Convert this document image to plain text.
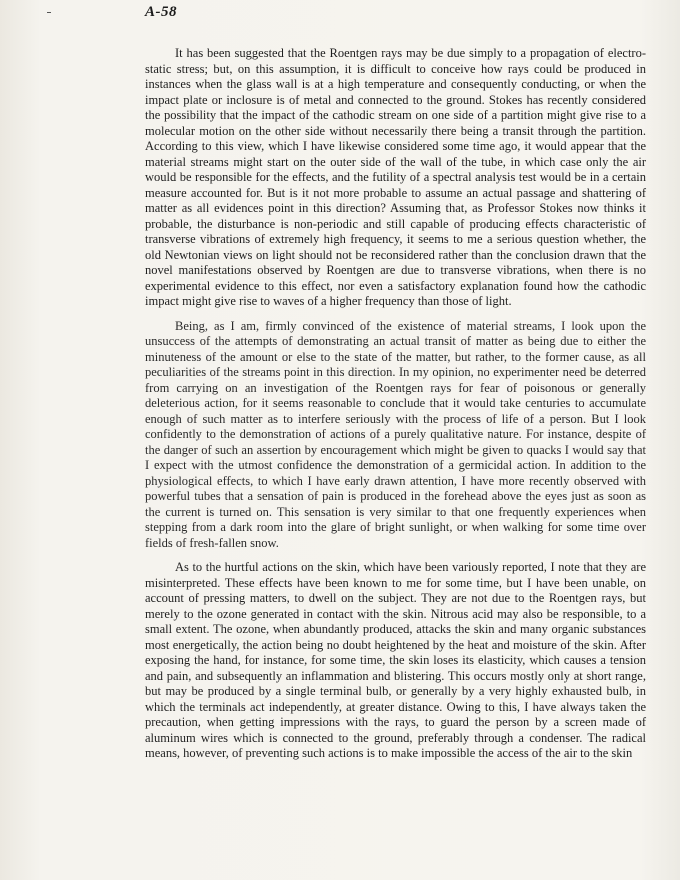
A-58

It has been suggested that the Roentgen rays may be due simply to a propagation of electro-static stress; but, on this assumption, it is difficult to conceive how rays could be produced in instances when the glass wall is at a high temperature and consequently conducting, or when the impact plate or inclosure is of metal and connected to the ground. Stokes has recently considered the possibility that the impact of the cathodic stream on one side of a partition might give rise to a molecular motion on the other side without necessarily there being a transit through the partition. According to this view, which I have likewise considered some time ago, it would appear that the material streams might start on the outer side of the wall of the tube, in which case only the air would be responsible for the effects, and the futility of a spectral analysis test would be in a certain measure accounted for. But is it not more probable to assume an actual passage and shattering of matter as all evidences point in this direction? Assuming that, as Professor Stokes now thinks it probable, the disturbance is non-periodic and still capable of producing effects characteristic of transverse vibrations of extremely high frequency, it seems to me a serious question whether, the old Newtonian views on light should not be reconsidered rather than the conclusion drawn that the novel manifestations observed by Roentgen are due to transverse vibrations, when there is no experimental evidence to this effect, nor even a satisfactory explanation found how the cathodic impact might give rise to waves of a higher frequency than those of light.

Being, as I am, firmly convinced of the existence of material streams, I look upon the unsuccess of the attempts of demonstrating an actual transit of matter as being due to either the minuteness of the amount or else to the state of the matter, but rather, to the former cause, as all peculiarities of the streams point in this direction. In my opinion, no experimenter need be deterred from carrying on an investigation of the Roentgen rays for fear of poisonous or generally deleterious action, for it seems reasonable to conclude that it would take centuries to accumulate enough of such matter as to interfere seriously with the process of life of a person. But I look confidently to the demonstration of actions of a purely qualitative nature. For instance, despite of the danger of such an assertion by encouragement which might be given to quacks I would say that I expect with the utmost confidence the demonstration of a germicidal action. In addition to the physiological effects, to which I have early drawn attention, I have more recently observed with powerful tubes that a sensation of pain is produced in the forehead above the eyes just as soon as the current is turned on. This sensation is very similar to that one frequently experiences when stepping from a dark room into the glare of bright sunlight, or when walking for some time over fields of fresh-fallen snow.

As to the hurtful actions on the skin, which have been variously reported, I note that they are misinterpreted. These effects have been known to me for some time, but I have been unable, on account of pressing matters, to dwell on the subject. They are not due to the Roentgen rays, but merely to the ozone generated in contact with the skin. Nitrous acid may also be responsible, to a small extent. The ozone, when abundantly produced, attacks the skin and many organic substances most energetically, the action being no doubt heightened by the heat and moisture of the skin. After exposing the hand, for instance, for some time, the skin loses its elasticity, which causes a tension and pain, and subsequently an inflammation and blistering. This occurs mostly only at short range, but may be produced by a single terminal bulb, or generally by a very highly exhausted bulb, in which the terminals act independently, at greater distance. Owing to this, I have always taken the precaution, when getting impressions with the rays, to guard the person by a screen made of aluminum wires which is connected to the ground, preferably through a condenser. The radical means, however, of preventing such actions is to make impossible the access of the air to the skin
